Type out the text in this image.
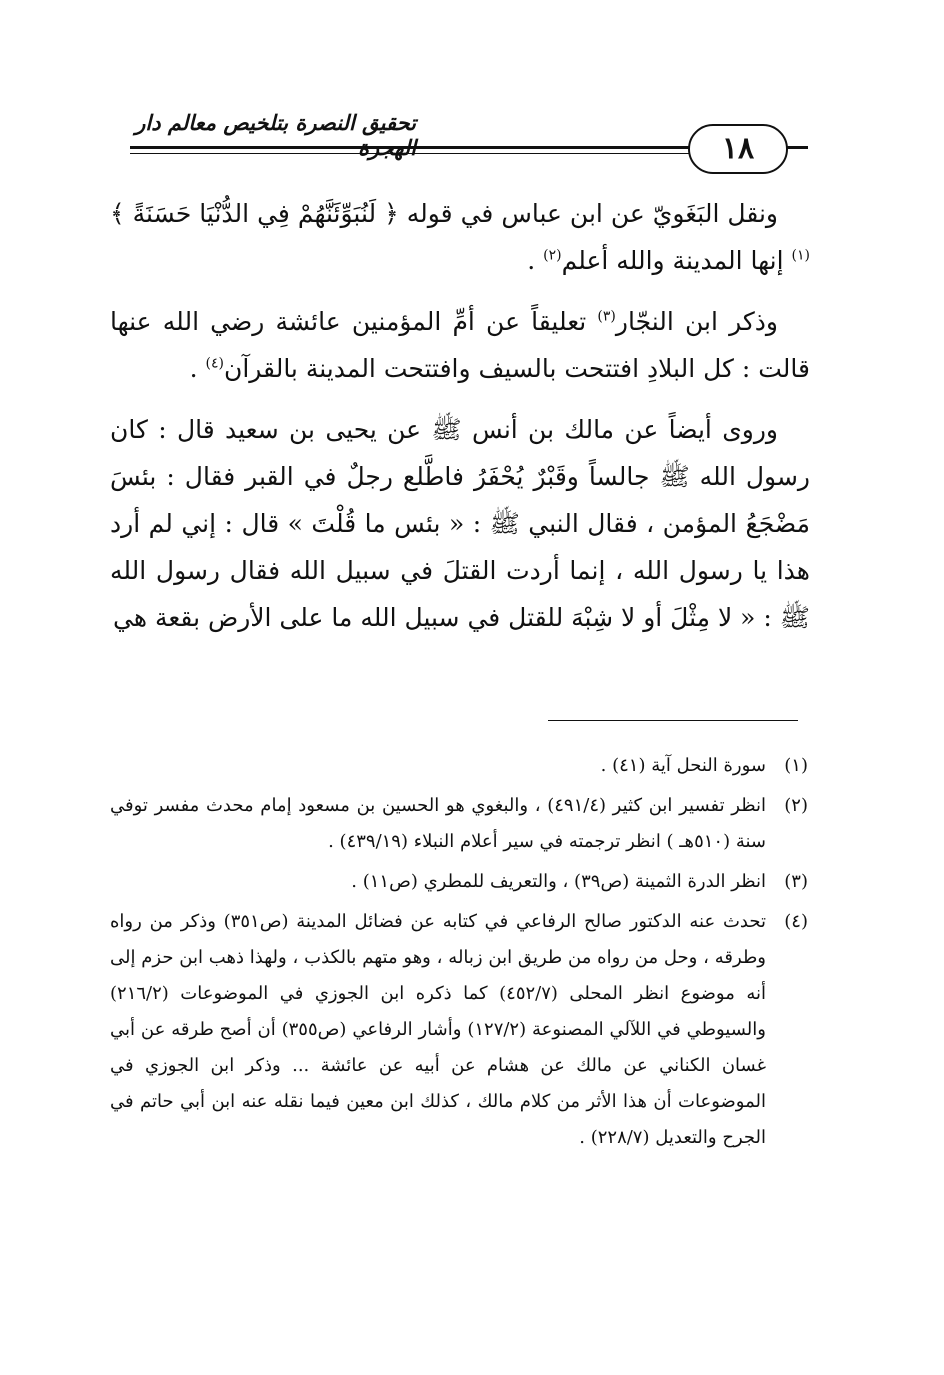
تحقيق النصرة بتلخيص معالم دار الهجرة	١٨

ونقل البَغَويّ عن ابن عباس في قوله ﴿ لَنُبَوِّئَنَّهُمْ فِي الدُّنْيَا حَسَنَةً ﴾$^{(١)}$ إنها المدينة والله أعلم$^{(٢)}$ .

وذكر ابن النجّار$^{(٣)}$ تعليقاً عن أمِّ المؤمنين عائشة رضي الله عنها قالت : كل البلادِ افتتحت بالسيف وافتتحت المدينة بالقرآن$^{(٤)}$ .

وروى أيضاً عن مالك بن أنس ﷺ عن يحيى بن سعيد قال : كان رسول الله ﷺ جالساً وقَبْرٌ يُحْفَرُ فاطَّلع رجلٌ في القبر فقال : بئسَ مَضْجَعُ المؤمن ، فقال النبي ﷺ : « بئس ما قُلْتَ » قال : إني لم أرد هذا يا رسول الله ، إنما أردت القتلَ في سبيل الله فقال رسول الله ﷺ : « لا مِثْلَ أو لا شِبْهَ للقتل في سبيل الله ما على الأرض بقعة هي

(١)
سورة النحل آية (٤١) .
(٢)
انظر تفسير ابن كثير (٤٩١/٤) ، والبغوي هو الحسين بن مسعود إمام محدث مفسر توفي سنة (٥١٠هـ ) انظر ترجمته في سير أعلام النبلاء (٤٣٩/١٩) .
(٣)
انظر الدرة الثمينة (ص٣٩) ، والتعريف للمطري (ص١١) .
(٤)
تحدث عنه الدكتور صالح الرفاعي في كتابه عن فضائل المدينة (ص٣٥١) وذكر من رواه وطرقه ، وحل من رواه من طريق ابن زباله ، وهو متهم بالكذب ، ولهذا ذهب ابن حزم إلى أنه موضوع انظر المحلى (٤٥٢/٧) كما ذكره ابن الجوزي في الموضوعات (٢١٦/٢) والسيوطي في اللآلي المصنوعة (١٢٧/٢) وأشار الرفاعي (ص٣٥٥) أن أصح طرقه عن أبي غسان الكناني عن مالك عن هشام عن أبيه عن عائشة ... وذكر ابن الجوزي في الموضوعات أن هذا الأثر من كلام مالك ، كذلك ابن معين فيما نقله عنه ابن أبي حاتم في الجرح والتعديل (٢٢٨/٧) .
